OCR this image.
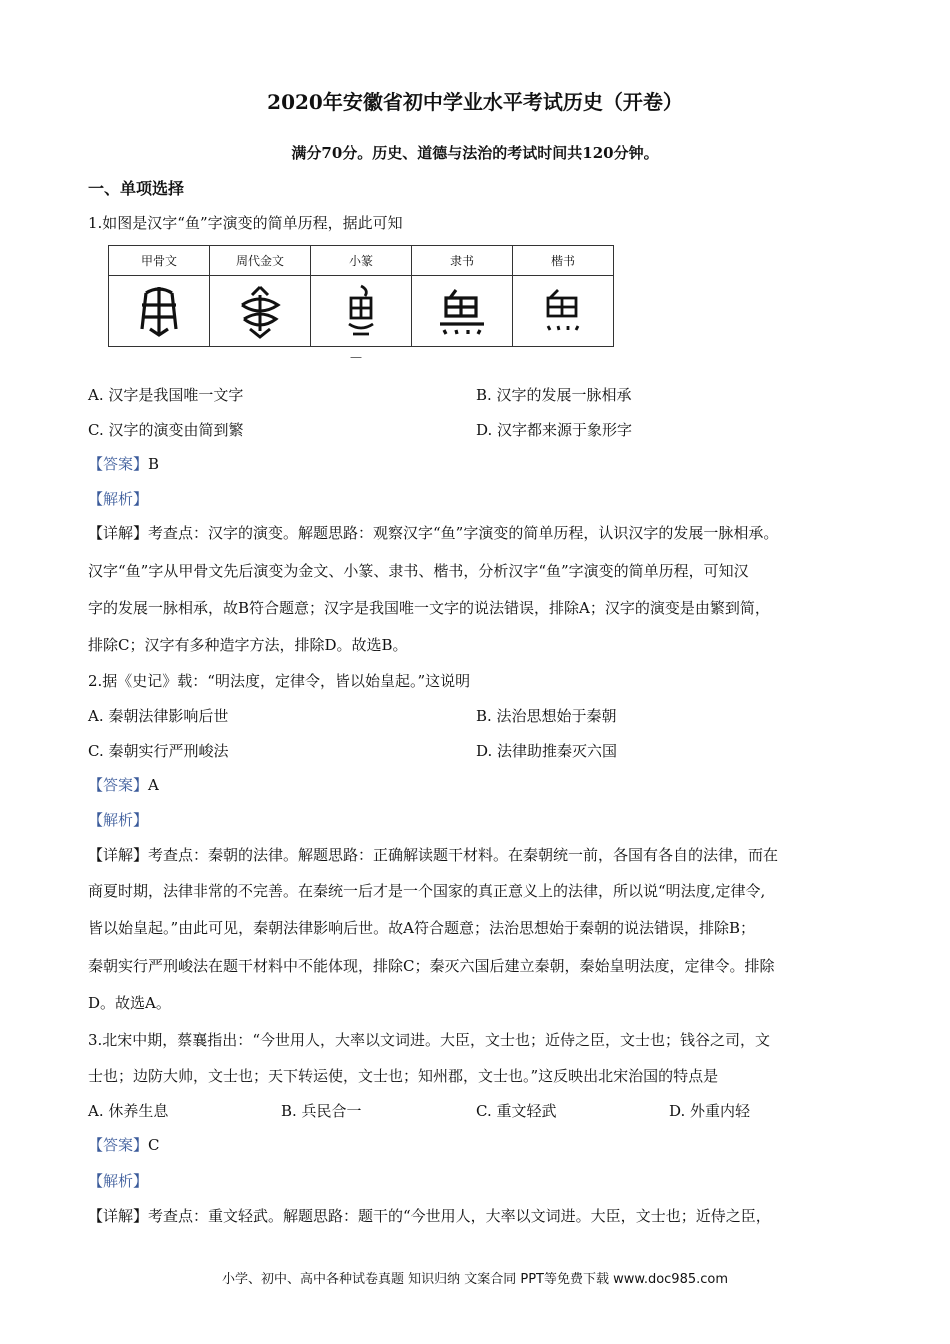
2020年安徽省初中学业水平考试历史（开卷）
满分70分。历史、道德与法治的考试时间共120分钟。
一、单项选择
1.如图是汉字“鱼”字演变的简单历程，据此可知
甲骨文	周代金文	小篆	隶书	楷书

—
A. 汉字是我国唯一文字	B. 汉字的发展一脉相承
C. 汉字的演变由简到繁	D. 汉字都来源于象形字
【答案】B
【解析】
【详解】考查点：汉字的演变。解题思路：观察汉字“鱼”字演变的简单历程，认识汉字的发展一脉相承。
汉字“鱼”字从甲骨文先后演变为金文、小篆、隶书、楷书，分析汉字“鱼”字演变的简单历程，可知汉
字的发展一脉相承，故B符合题意；汉字是我国唯一文字的说法错误，排除A；汉字的演变是由繁到简，
排除C；汉字有多种造字方法，排除D。故选B。
2.据《史记》载：“明法度，定律令，皆以始皇起。”这说明
A. 秦朝法律影响后世	B. 法治思想始于秦朝
C. 秦朝实行严刑峻法	D. 法律助推秦灭六国
【答案】A
【解析】
【详解】考查点：秦朝的法律。解题思路：正确解读题干材料。在秦朝统一前，各国有各自的法律，而在
商夏时期，法律非常的不完善。在秦统一后才是一个国家的真正意义上的法律，所以说“明法度,定律令,
皆以始皇起。”由此可见，秦朝法律影响后世。故A符合题意；法治思想始于秦朝的说法错误，排除B；
秦朝实行严刑峻法在题干材料中不能体现，排除C；秦灭六国后建立秦朝，秦始皇明法度，定律令。排除
D。故选A。
3.北宋中期，蔡襄指出：“今世用人，大率以文词进。大臣，文士也；近侍之臣，文士也；钱谷之司，文
士也；边防大帅，文士也；天下转运使，文士也；知州郡，文士也。”这反映出北宋治国的特点是
A. 休养生息	B. 兵民合一	C. 重文轻武	D. 外重内轻
【答案】C
【解析】
【详解】考查点：重文轻武。解题思路：题干的“今世用人，大率以文词进。大臣，文士也；近侍之臣，
小学、初中、高中各种试卷真题 知识归纳 文案合同 PPT等免费下载 www.doc985.com
